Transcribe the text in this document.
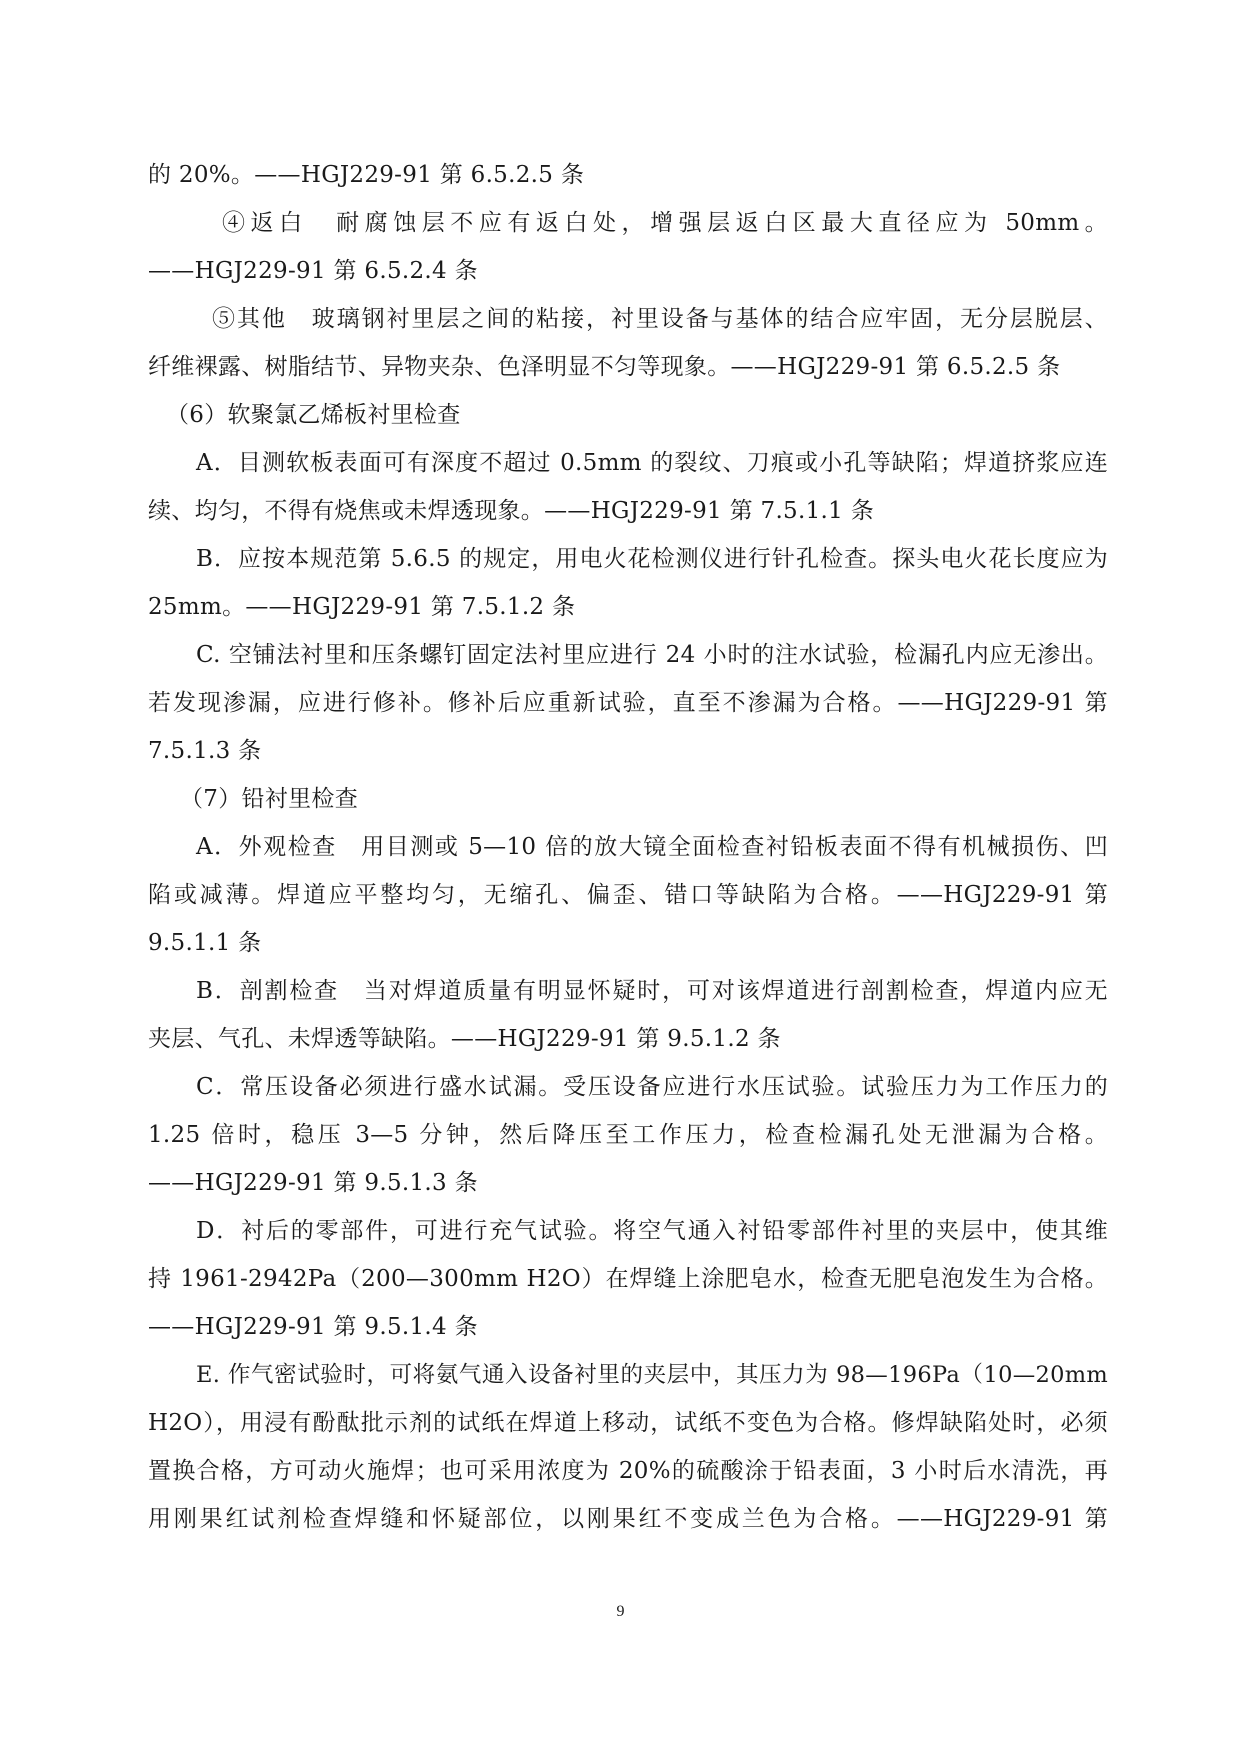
的 20%。——HGJ229-91 第 6.5.2.5 条
④返白　耐腐蚀层不应有返白处，增强层返白区最大直径应为 50mm。
——HGJ229-91 第 6.5.2.4 条
⑤其他　玻璃钢衬里层之间的粘接，衬里设备与基体的结合应牢固，无分层脱层、
纤维裸露、树脂结节、异物夹杂、色泽明显不匀等现象。——HGJ229-91 第 6.5.2.5 条
（6）软聚氯乙烯板衬里检查
A．目测软板表面可有深度不超过 0.5mm 的裂纹、刀痕或小孔等缺陷；焊道挤浆应连
续、均匀，不得有烧焦或未焊透现象。——HGJ229-91 第 7.5.1.1 条
B．应按本规范第 5.6.5 的规定，用电火花检测仪进行针孔检查。探头电火花长度应为
25mm。——HGJ229-91 第 7.5.1.2 条
C. 空铺法衬里和压条螺钉固定法衬里应进行 24 小时的注水试验，检漏孔内应无渗出。
若发现渗漏，应进行修补。修补后应重新试验，直至不渗漏为合格。——HGJ229-91 第
7.5.1.3 条
（7）铅衬里检查
A．外观检查　用目测或 5—10 倍的放大镜全面检查衬铅板表面不得有机械损伤、凹
陷或减薄。焊道应平整均匀，无缩孔、偏歪、错口等缺陷为合格。——HGJ229-91 第
9.5.1.1 条
B．剖割检查　当对焊道质量有明显怀疑时，可对该焊道进行剖割检查，焊道内应无
夹层、气孔、未焊透等缺陷。——HGJ229-91 第 9.5.1.2 条
C．常压设备必须进行盛水试漏。受压设备应进行水压试验。试验压力为工作压力的
1.25 倍时，稳压 3—5 分钟，然后降压至工作压力，检查检漏孔处无泄漏为合格。
——HGJ229-91 第 9.5.1.3 条
D．衬后的零部件，可进行充气试验。将空气通入衬铅零部件衬里的夹层中，使其维
持 1961-2942Pa（200—300mm H2O）在焊缝上涂肥皂水，检查无肥皂泡发生为合格。
——HGJ229-91 第 9.5.1.4 条
E. 作气密试验时，可将氨气通入设备衬里的夹层中，其压力为 98—196Pa（10—20mm
H2O），用浸有酚酞批示剂的试纸在焊道上移动，试纸不变色为合格。修焊缺陷处时，必须
置换合格，方可动火施焊；也可采用浓度为 20%的硫酸涂于铅表面，3 小时后水清洗，再
用刚果红试剂检查焊缝和怀疑部位，以刚果红不变成兰色为合格。——HGJ229-91 第
9
